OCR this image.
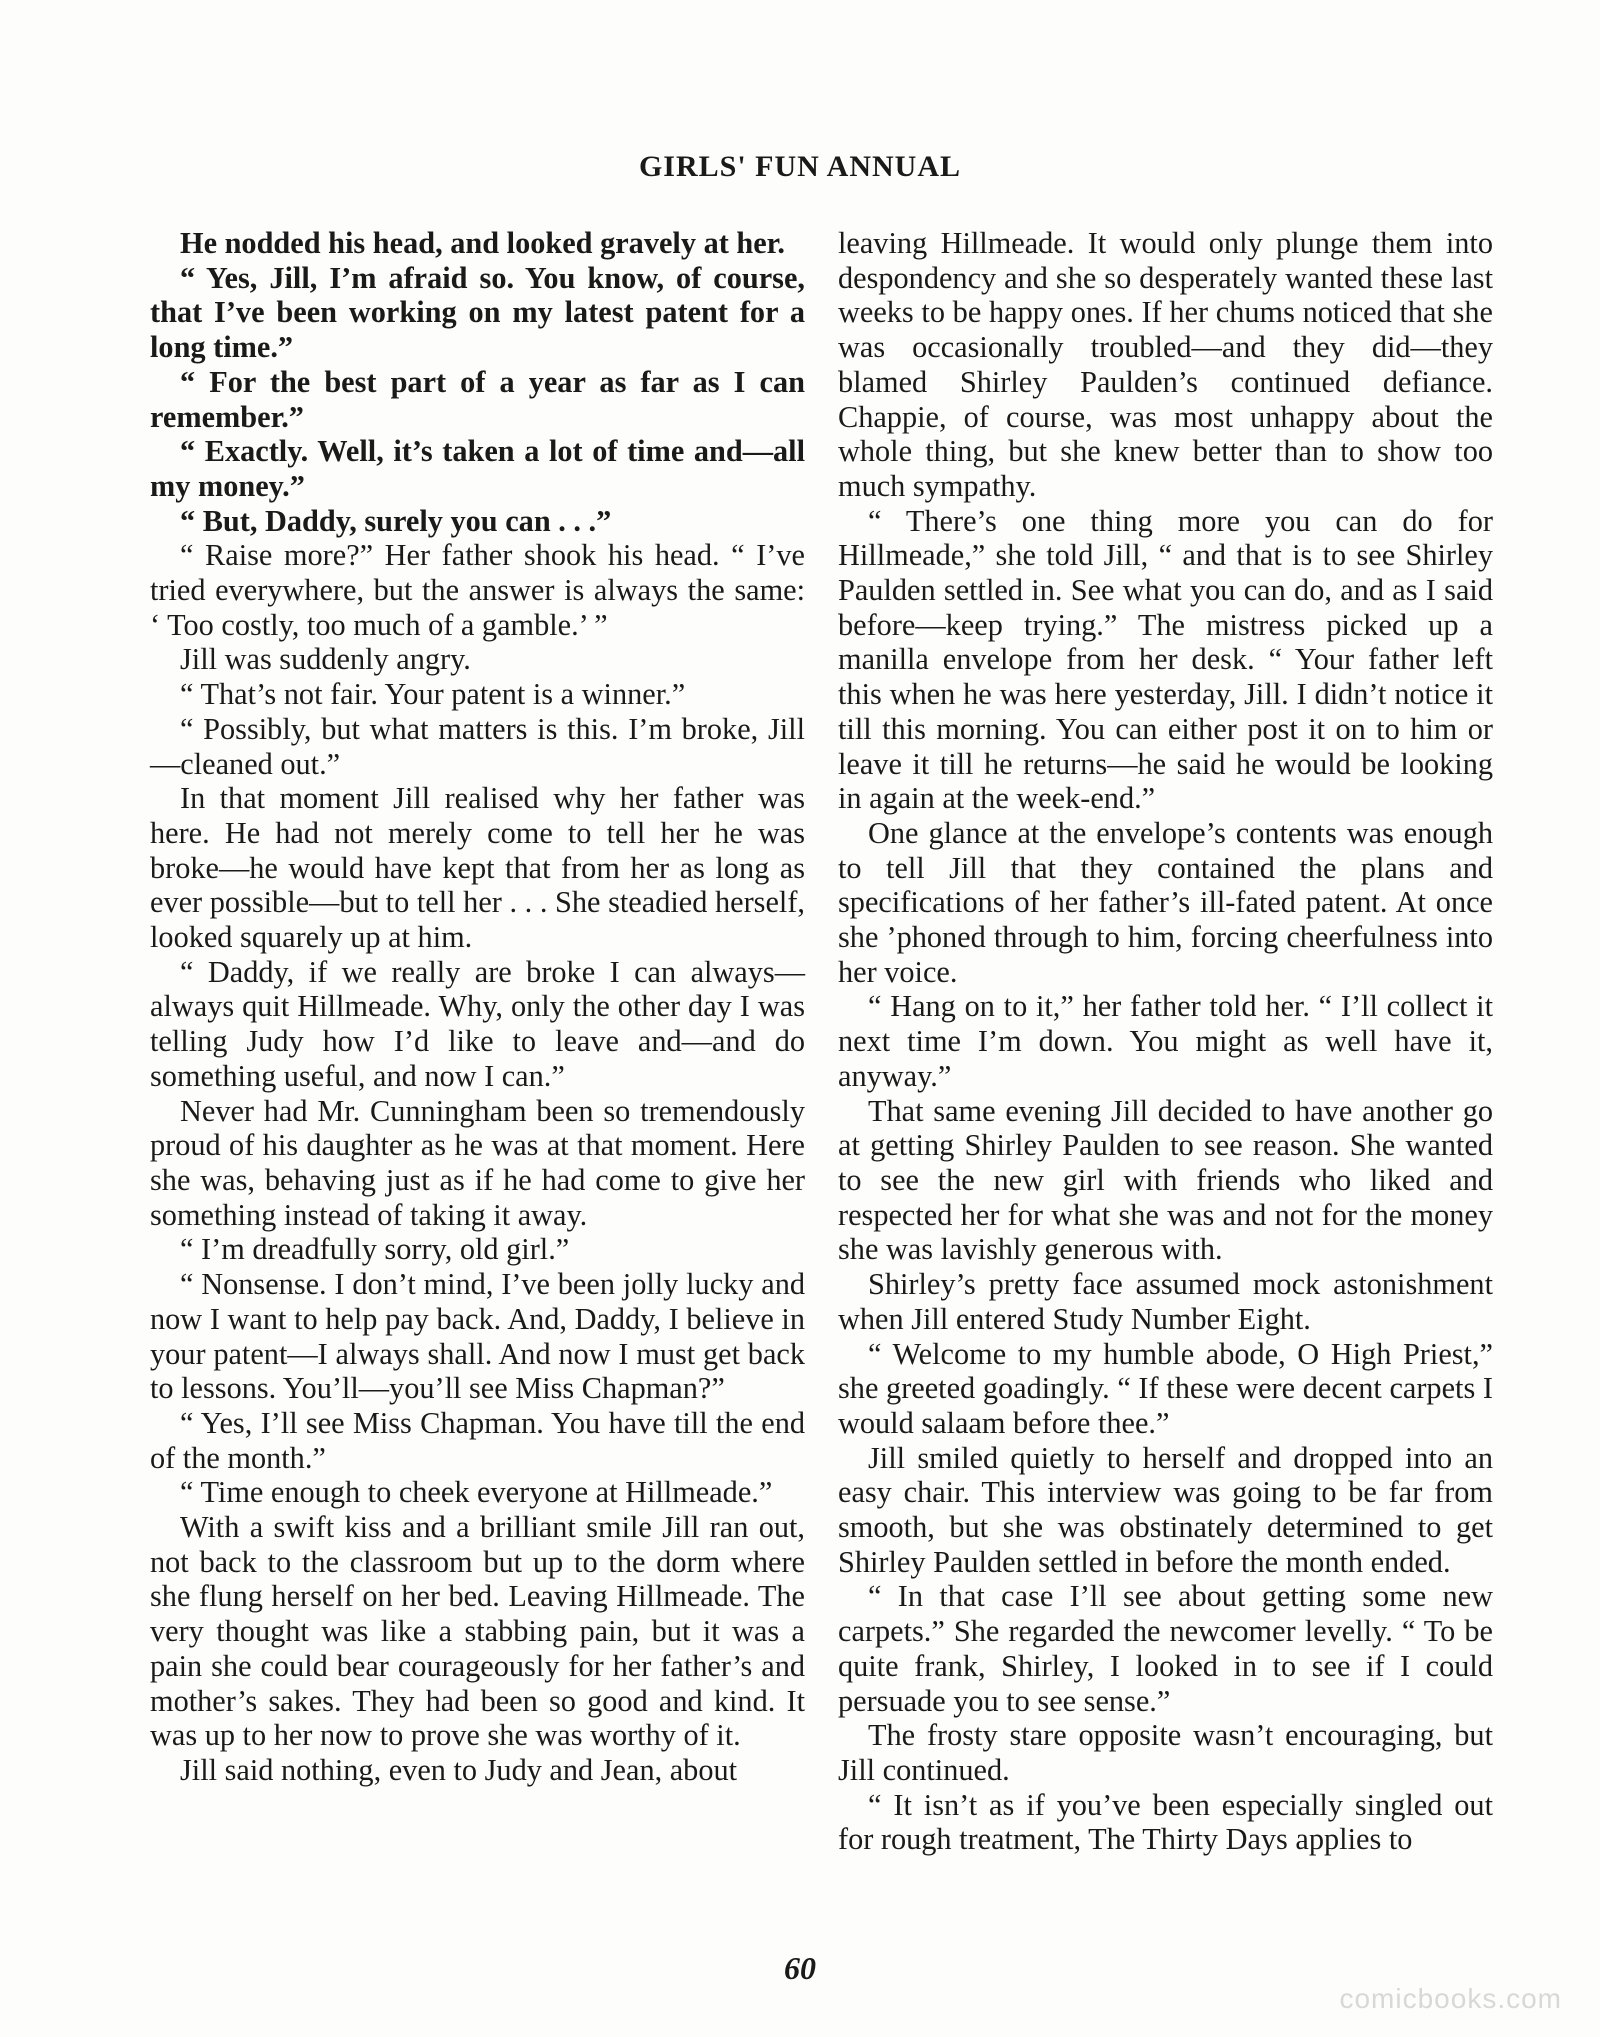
GIRLS' FUN ANNUAL

He nodded his head, and looked gravely at her.

“ Yes, Jill, I’m afraid so. You know, of course, that I’ve been working on my latest patent for a long time.”

“ For the best part of a year as far as I can remember.”

“ Exactly. Well, it’s taken a lot of time and—all my money.”

“ But, Daddy, surely you can . . .”

“ Raise more?” Her father shook his head. “ I’ve tried everywhere, but the answer is always the same: ‘ Too costly, too much of a gamble.’ ”

Jill was suddenly angry.

“ That’s not fair. Your patent is a winner.”

“ Possibly, but what matters is this. I’m broke, Jill—cleaned out.”

In that moment Jill realised why her father was here. He had not merely come to tell her he was broke—he would have kept that from her as long as ever possible—but to tell her . . . She steadied herself, looked squarely up at him.

“ Daddy, if we really are broke I can always—always quit Hillmeade. Why, only the other day I was telling Judy how I’d like to leave and—and do something useful, and now I can.”

Never had Mr. Cunningham been so tremendously proud of his daughter as he was at that moment. Here she was, behaving just as if he had come to give her something instead of taking it away.

“ I’m dreadfully sorry, old girl.”

“ Nonsense. I don’t mind, I’ve been jolly lucky and now I want to help pay back. And, Daddy, I believe in your patent—I always shall. And now I must get back to lessons. You’ll—you’ll see Miss Chapman?”

“ Yes, I’ll see Miss Chapman. You have till the end of the month.”

“ Time enough to cheek everyone at Hillmeade.”

With a swift kiss and a brilliant smile Jill ran out, not back to the classroom but up to the dorm where she flung herself on her bed. Leaving Hillmeade. The very thought was like a stabbing pain, but it was a pain she could bear courageously for her father’s and mother’s sakes. They had been so good and kind. It was up to her now to prove she was worthy of it.

Jill said nothing, even to Judy and Jean, about

leaving Hillmeade. It would only plunge them into despondency and she so desperately wanted these last weeks to be happy ones. If her chums noticed that she was occasionally troubled—and they did—they blamed Shirley Paulden’s continued defiance. Chappie, of course, was most unhappy about the whole thing, but she knew better than to show too much sympathy.

“ There’s one thing more you can do for Hillmeade,” she told Jill, “ and that is to see Shirley Paulden settled in. See what you can do, and as I said before—keep trying.” The mistress picked up a manilla envelope from her desk. “ Your father left this when he was here yesterday, Jill. I didn’t notice it till this morning. You can either post it on to him or leave it till he returns—he said he would be looking in again at the week-end.”

One glance at the envelope’s contents was enough to tell Jill that they contained the plans and specifications of her father’s ill-fated patent. At once she ’phoned through to him, forcing cheerfulness into her voice.

“ Hang on to it,” her father told her. “ I’ll collect it next time I’m down. You might as well have it, anyway.”

That same evening Jill decided to have another go at getting Shirley Paulden to see reason. She wanted to see the new girl with friends who liked and respected her for what she was and not for the money she was lavishly generous with.

Shirley’s pretty face assumed mock astonishment when Jill entered Study Number Eight.

“ Welcome to my humble abode, O High Priest,” she greeted goadingly. “ If these were decent carpets I would salaam before thee.”

Jill smiled quietly to herself and dropped into an easy chair. This interview was going to be far from smooth, but she was obstinately determined to get Shirley Paulden settled in before the month ended.

“ In that case I’ll see about getting some new carpets.” She regarded the newcomer levelly. “ To be quite frank, Shirley, I looked in to see if I could persuade you to see sense.”

The frosty stare opposite wasn’t encouraging, but Jill continued.

“ It isn’t as if you’ve been especially singled out for rough treatment, The Thirty Days applies to

60
comicbooks.com
